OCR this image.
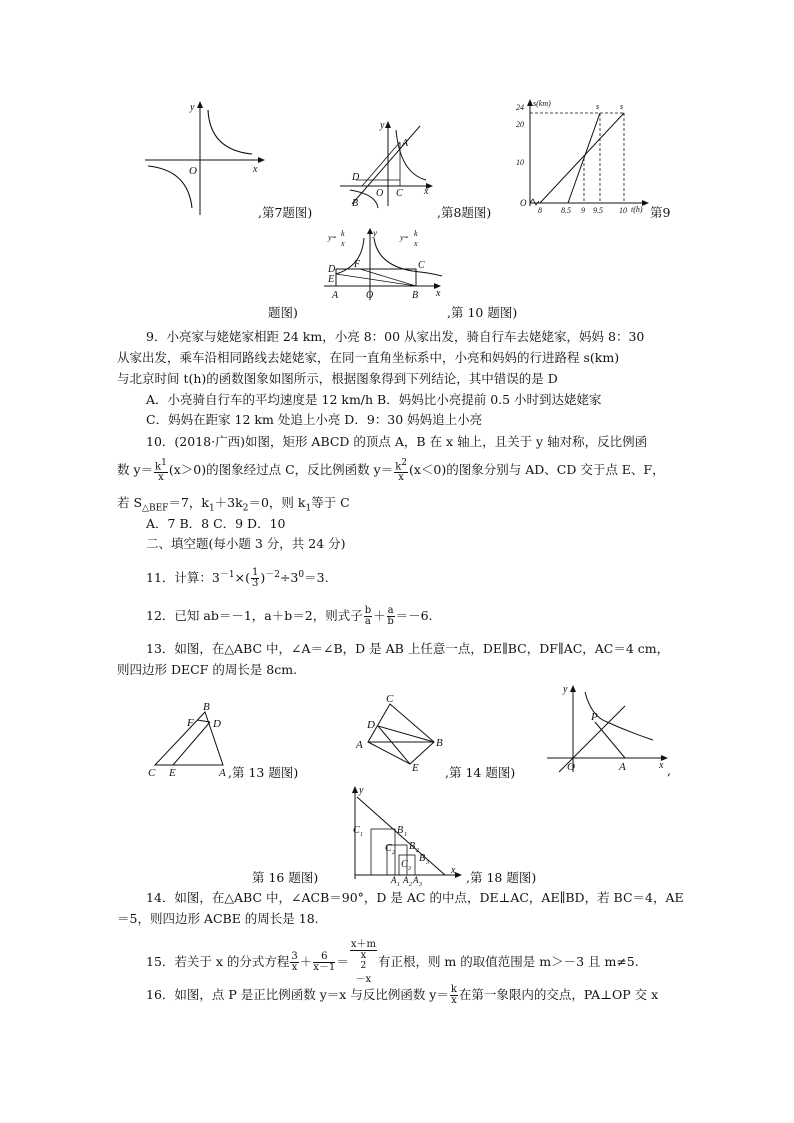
y
x
O
,第7题图)
y
x
A
D
O C
B
,第8题图)
s(km)
24
20
10
O
8 8.5 9 9.5 10 t(h)
s	s
第9
y= k
x
y	y= k
x
F	C
D
E
A	O	B x
题图)	,第 10 题图)
9．小亮家与姥姥家相距 24 km，小亮 8：00 从家出发，骑自行车去姥姥家，妈妈 8：30
从家出发，乘车沿相同路线去姥姥家，在同一直角坐标系中，小亮和妈妈的行进路程 s(km)
与北京时间 t(h)的函数图象如图所示，根据图象得到下列结论，其中错误的是 D
A．小亮骑自行车的平均速度是 12 km/h B．妈妈比小亮提前 0.5 小时到达姥姥家
C．妈妈在距家 12 km 处追上小亮 D．9：30 妈妈追上小亮
10．(2018·广西)如图，矩形 ABCD 的顶点 A，B 在 x 轴上，且关于 y 轴对称，反比例函
数 $y= \frac{k^1}{x} (x>0)$的图象经过点 C，反比例函数 $y= \frac{k^2}{x} (x<0)$的图象分别与 AD、CD 交于点 E、F，
若 $S_{\triangle BEF}=7$，$k_1+3k_2=0$，则 $k_1$等于 C
A．7 B．8 C．9 D．10
二、填空题(每小题 3 分，共 24 分)
11．计算：$3^{-1}\times( \frac{1}{3} )^{-2}\div 3^0=3$.
12．已知 ab＝－1，a＋b＝2，则式子 $\frac{b}{a} + \frac{a}{b} =-6$.
13．如图，在△ABC 中，∠A＝∠B，D 是 AB 上任意一点，DE∥BC，DF∥AC，AC＝4 cm，
则四边形 DECF 的周长是 8cm.
B
F D
C E	A ,第 13 题图)
C
D
A	B
E ,第 14 题图)
y
P
O	A	x ,
y
C 1	B 1
C 2
B 2
C 3
B 3
A 1 A 2 A 3
x
第 16 题图)	,第 18 题图)
14．如图，在△ABC 中，∠ACB＝90°，D 是 AC 的中点，DE⊥AC，AE∥BD，若 BC＝4，AE
＝5，则四边形 ACBE 的周长是 18.
15．若关于 x 的分式方程 $\frac{3}{x} + \frac{6}{x-1} = x+m$
x
$^2$
－x 有正根，则 m 的取值范围是 m＞－3 且 m≠5.
16．如图，点 P 是正比例函数 y＝x 与反比例函数 $y= \frac{k}{x}$ 在第一象限内的交点，PA⊥OP 交 x
